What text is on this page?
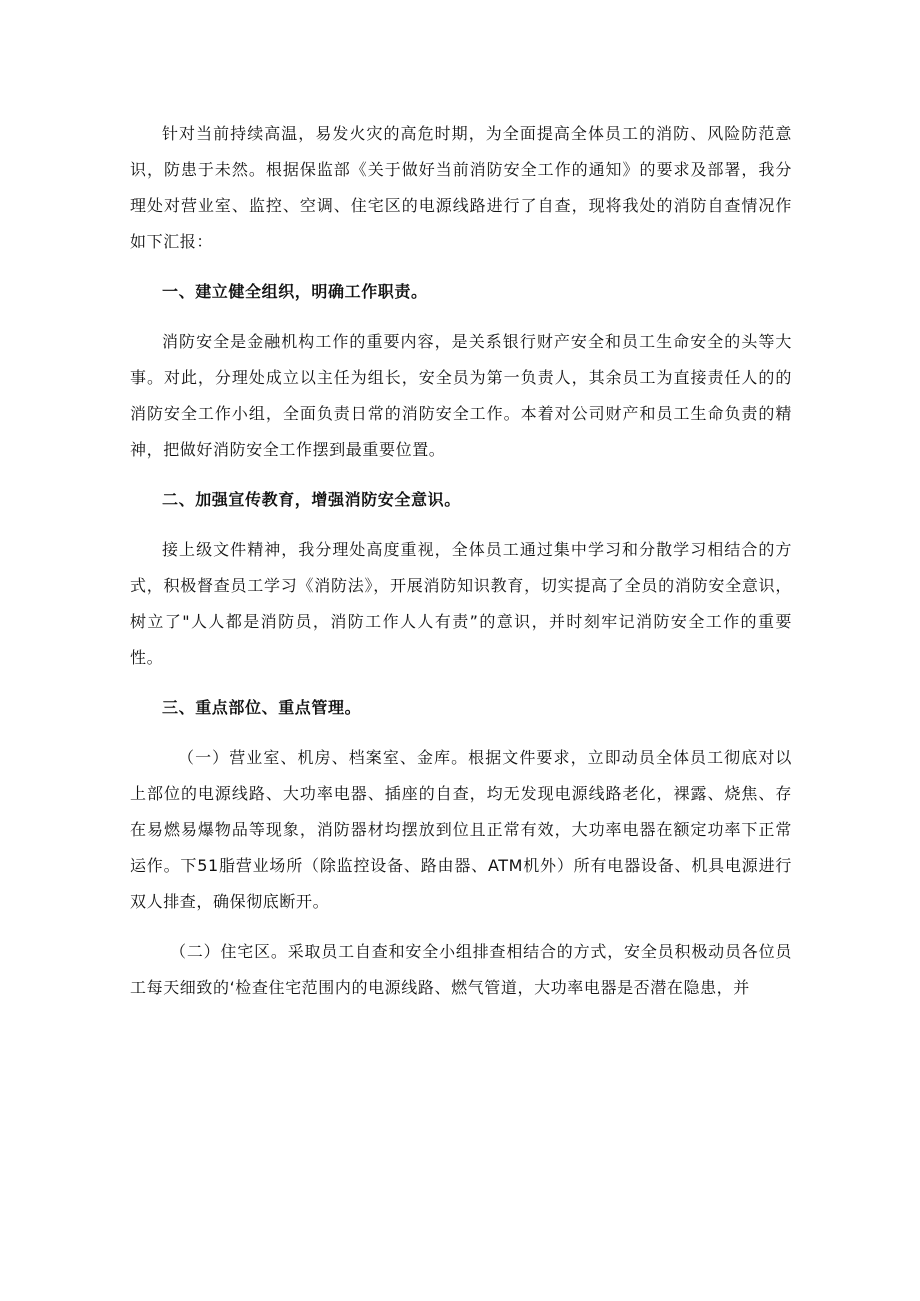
针对当前持续高温，易发火灾的高危时期，为全面提高全体员工的消防、风险防范意识，防患于未然。根据保监部《关于做好当前消防安全工作的通知》的要求及部署，我分理处对营业室、监控、空调、住宅区的电源线路进行了自查，现将我处的消防自查情况作如下汇报：

一、建立健全组织，明确工作职责。

消防安全是金融机构工作的重要内容，是关系银行财产安全和员工生命安全的头等大事。对此，分理处成立以主任为组长，安全员为第一负责人，其余员工为直接责任人的的消防安全工作小组，全面负责日常的消防安全工作。本着对公司财产和员工生命负责的精神，把做好消防安全工作摆到最重要位置。

二、加强宣传教育，增强消防安全意识。

接上级文件精神，我分理处高度重视，全体员工通过集中学习和分散学习相结合的方式，积极督查员工学习《消防法》，开展消防知识教育，切实提高了全员的消防安全意识，树立了"人人都是消防员，消防工作人人有责”的意识，并时刻牢记消防安全工作的重要性。

三、重点部位、重点管理。

（一）营业室、机房、档案室、金库。根据文件要求，立即动员全体员工彻底对以上部位的电源线路、大功率电器、插座的自查，均无发现电源线路老化，裸露、烧焦、存在易燃易爆物品等现象，消防器材均摆放到位且正常有效，大功率电器在额定功率下正常运作。下51脂营业场所（除监控设备、路由器、ATM机外）所有电器设备、机具电源进行双人排查，确保彻底断开。

（二）住宅区。采取员工自查和安全小组排查相结合的方式，安全员积极动员各位员工每天细致的‘检查住宅范围内的电源线路、燃气管道，大功率电器是否潜在隐患，并
